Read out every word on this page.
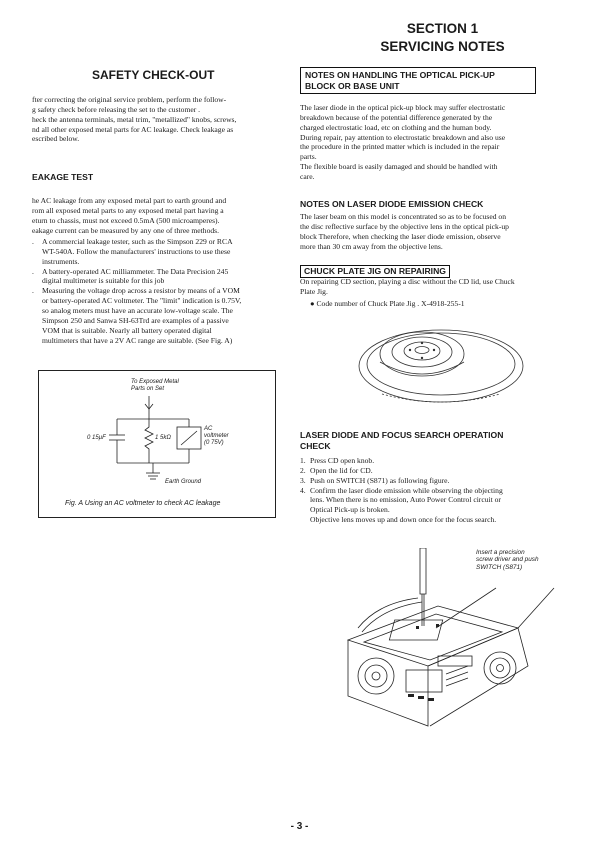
SECTION 1
SERVICING NOTES
SAFETY CHECK-OUT

fter correcting the original service problem, perform the follow-
g safety check before releasing the set to the customer .
heck the antenna terminals, metal trim, "metallized" knobs, screws,
nd all other exposed metal parts for AC leakage. Check leakage as
escribed below.

EAKAGE TEST

he AC leakage from any exposed metal part to earth ground and
rom all exposed metal parts to any exposed metal part having a
eturn to chassis, must not exceed 0.5mA (500 microamperes).
eakage current can be measured by any one of three methods.

. A commercial leakage tester, such as the Simpson 229 or RCA
WT-540A. Follow the manufacturers' instructions to use these
instruments.
. A battery-operated AC milliammeter. The Data Precision 245
digital multimeter is suitable for this job
. Measuring the voltage drop across a resistor by means of a VOM
or battery-operated AC voltmeter. The "limit" indication is 0.75V,
so analog meters must have an accurate low-voltage scale. The
Simpson 250 and Sanwa SH-63Trd are examples of a passive
VOM that is suitable. Nearly all battery operated digital
multimeters that have a 2V AC range are suitable. (See Fig. A)
To Exposed Metal
Parts on Set
0 15µF	1 5kΩ
AC
voltmeter
(0 75V)
Earth Ground
Fig. A Using an AC voltmeter to check AC leakage
NOTES ON HANDLING THE OPTICAL PICK-UP
BLOCK OR BASE UNIT

The laser diode in the optical pick-up block may suffer electrostatic
breakdown because of the potential difference generated by the
charged electrostatic load, etc on clothing and the human body.
During repair, pay attention to electrostatic breakdown and also use
the procedure in the printed matter which is included in the repair
parts.
The flexible board is easily damaged and should be handled with
care.

NOTES ON LASER DIODE EMISSION CHECK

The laser beam on this model is concentrated so as to be focused on
the disc reflective surface by the objective lens in the optical pick-up
block Therefore, when checking the laser diode emission, observe
more than 30 cm away from the objective lens.

CHUCK PLATE JIG ON REPAIRING

On repairing CD section, playing a disc without the CD lid, use Chuck
Plate Jig.

● Code number of Chuck Plate Jig . X-4918-255-1

LASER DIODE AND FOCUS SEARCH OPERATION
CHECK
1. Press CD open knob.
2. Open the lid for CD.
3. Push on SWITCH (S871) as following figure.
4. Confirm the laser diode emission while observing the objecting
lens. When there is no emission, Auto Power Control circuit or
Optical Pick-up is broken.
Objective lens moves up and down once for the focus search.
Insert a precision
screw driver and push
SWITCH (S871)
- 3 -
